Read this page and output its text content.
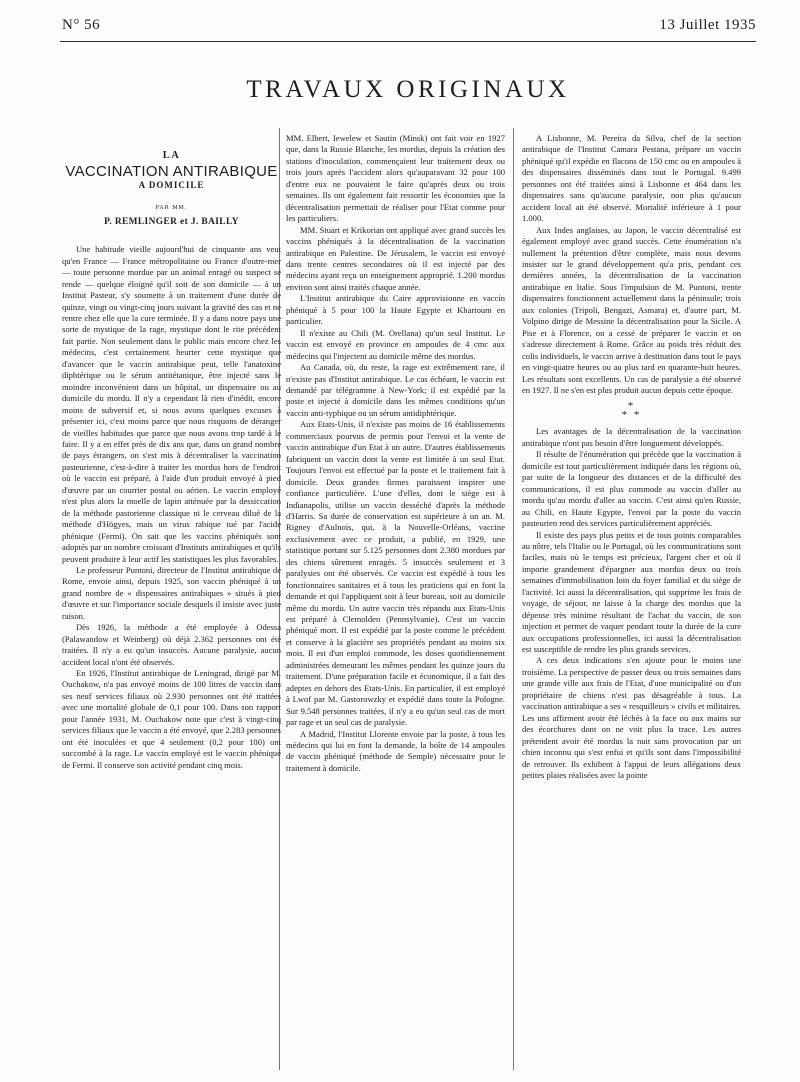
N° 56	13 Juillet 1935
TRAVAUX ORIGINAUX
LA
VACCINATION ANTIRABIQUE
A DOMICILE
PAR MM.
P. REMLINGER et J. BAILLY

Une habitude vieille aujourd'hui de cinquante ans veut qu'en France — France métropolitaine ou France d'outre-mer — toute personne mordue par un animal enragé ou suspect se rende — quelque éloigné qu'il soit de son domicile — à un Institut Pasteur, s'y soumette à un traitement d'une durée de quinze, vingt ou vingt-cinq jours suivant la gravité des cas et ne rentre chez elle que la cure terminée. Il y a dans notre pays une sorte de mystique de la rage, mystique dont le rite précédent fait partie. Non seulement dans le public mais encore chez les médecins, c'est certainement heurter cette mystique que d'avancer que le vaccin antirabique peut, telle l'anatoxine diphtérique ou le sérum antitétanique, être injecté sans le moindre inconvénient dans un hôpital, un dispensaire ou au domicile du mordu. Il n'y a cependant là rien d'inédit, encore moins de subversif et, si nous avons quelques excuses à présenter ici, c'est moins parce que nous risquons de déranger de vieilles habitudes que parce que nous avons trop tardé à le faire. Il y a en effet près de dix ans que, dans un grand nombre de pays étrangers, on s'est mis à décentraliser la vaccination pasteurienne, c'est-à-dire à traiter les mordus hors de l'endroit où le vaccin est préparé, à l'aide d'un produit envoyé à pied d'œuvre par un courrier postal ou aérien. Le vaccin employé n'est plus alors la moelle de lapin atténuée par la dessiccation de la méthode pastorienne classique ni le cerveau dilué de la méthode d'Högyes, mais un virus rabique tué par l'acide phénique (Fermi). On sait que les vaccins phéniqués sont adoptés par un nombre croissant d'Instituts antirabiques et qu'ils peuvent produire à leur actif les statistiques les plus favorables.

Le professeur Puntoni, directeur de l'Institut antirabique de Rome, envoie ainsi, depuis 1925, son vaccin phéniqué à un grand nombre de « dispensaires antirabiques » situés à pied d'œuvre et sur l'importance sociale desquels il insiste avec juste raison.

Dès 1926, la méthode a été employée à Odessa (Palawandow et Weinberg) où déjà 2.362 personnes ont été traitées. Il n'y a eu qu'un insuccès. Aucune paralysie, aucun accident local n'ont été observés.

En 1926, l'Institut antirabique de Leningrad, dirigé par M. Ouchakow, n'a pas envoyé moins de 100 litres de vaccin dans ses neuf services filiaux où 2.930 personnes ont été traitées avec une mortalité globale de 0,1 pour 100. Dans son rapport pour l'année 1931, M. Ouchakow note que c'est à vingt-cinq services filiaux que le vaccin a été envoyé, que 2.283 personnes ont été inoculées et que 4 seulement (0,2 pour 100) ont succombé à la rage. Le vaccin employé est le vaccin phéniqué de Fermi. Il conserve son activité pendant cinq mois.

MM. Elbert, Iewelew et Sautin (Minsk) ont fait voir en 1927 que, dans la Russie Blanche, les mordus, depuis la création des stations d'inoculation, commençaient leur traitement deux ou trois jours après l'accident alors qu'auparavant 32 pour 100 d'entre eux ne pouvaient le faire qu'après deux ou trois semaines. Ils ont également fait ressortir les économies que la décentralisation permettait de réaliser pour l'Etat comme pour les particuliers.

MM. Stuart et Krikorian ont appliqué avec grand succès les vaccins phéniqués à la décentralisation de la vaccination antirabique en Palestine. De Jérusalem, le vaccin est envoyé dans trente centres secondaires où il est injecté par des médecins ayant reçu un enseignement approprié. 1.200 mordus environ sont ainsi traités chaque année.

L'Institut antirabique du Caire approvisionne en vaccin phéniqué à 5 pour 100 la Haute Egypte et Khartoum en particulier.

Il n'existe au Chili (M. Orellana) qu'un seul Institut. Le vaccin est envoyé en province en ampoules de 4 cmc aux médecins qui l'injectent au domicile même des mordus.

Au Canada, où, du reste, la rage est extrêmement rare, il n'existe pas d'Institut antirabique. Le cas échéant, le vaccin est demandé par télégramme à New-York; il est expédié par la poste et injecté à domicile dans les mêmes conditions qu'un vaccin anti-typhique ou un sérum antidiphtérique.

Aux Etats-Unis, il n'existe pas moins de 16 établissements commerciaux pourvus de permis pour l'envoi et la vente de vaccin antirabique d'un Etat à un autre. D'autres établissements fabriquent un vaccin dont la vente est limitée à un seul Etat. Toujours l'envoi est effectué par la poste et le traitement fait à domicile. Deux grandes firmes paraissent inspirer une confiance particulière. L'une d'elles, dont le siège est à Indianapolis, utilise un vaccin desséché d'après la méthode d'Harris. Sa durée de conservation est supérieure à un an. M. Rigney d'Aulnois, qui, à la Nouvelle-Orléans, vaccine exclusivement avec ce produit, a publié, en 1929, une statistique portant sur 5.125 personnes dont 2.380 mordues par des chiens sûrement enragés. 5 insuccès seulement et 3 paralysies ont été observés. Ce vaccin est expédié à tous les fonctionnaires sanitaires et à tous les praticiens qui en font la demande et qui l'appliquent soit à leur bureau, soit au domicile même du mordu. Un autre vaccin très répandu aux Etats-Unis est préparé à Clemolden (Pennsylvanie). C'est un vaccin phéniqué mort. Il est expédié par la poste comme le précédent et conserve à la glacière ses propriétés pendant au moins six mois. Il est d'un emploi commode, les doses quotidiennement administrées demeurant les mêmes pendant les quinze jours du traitement. D'une préparation facile et économique, il a fait des adeptes en dehors des Etats-Unis. En particulier, il est employé à Lwof par M. Gastorowzky et expédié dans toute la Pologne. Sur 9.548 personnes traitées, il n'y a eu qu'un seul cas de mort par rage et un seul cas de paralysie.

A Madrid, l'Institut Llorente envoie par la poste, à tous les médecins qui lui en font la demande, la boîte de 14 ampoules de vaccin phéniqué (méthode de Semple) nécessaire pour le traitement à domicile.

A Lisbonne, M. Pereira da Silva, chef de la section antirabique de l'Institut Camara Pestana, prépare un vaccin phéniqué qu'il expédie en flacons de 150 cmc ou en ampoules à des dispensaires disséminés dans tout le Portugal. 9.499 personnes ont été traitées ainsi à Lisbonne et 464 dans les dispensaires sans qu'aucune paralysie, non plus qu'aucun accident local ait été observé. Mortalité inférieure à 1 pour 1.000.

Aux Indes anglaises, au Japon, le vaccin décentralisé est également employé avec grand succès. Cette énumération n'a nullement la prétention d'être complète, mais nous devons insister sur le grand développement qu'a pris, pendant ces dernières années, la décentralisation de la vaccination antirabique en Italie. Sous l'impulsion de M. Puntoni, trente dispensaires fonctionnent actuellement dans la péninsule; trois aux colonies (Tripoli, Bengazi, Asmara) et, d'autre part, M. Volpino dirige de Messine la décentralisation pour la Sicile. A Pise et à Florence, on a cessé de préparer le vaccin et on s'adresse directement à Rome. Grâce au poids très réduit des colis individuels, le vaccin arrive à destination dans tout le pays en vingt-quatre heures ou au plus tard en quarante-huit heures. Les résultats sont excellents. Un cas de paralysie a été observé en 1927. Il ne s'en est plus produit aucun depuis cette époque.

*
* *

Les avantages de la décentralisation de la vaccination antirabique n'ont pas besoin d'être longuement développés.

Il résulte de l'énumération qui précède que la vaccination à domicile est tout particulièrement indiquée dans les régions où, par suite de la longueur des distances et de la difficulté des communications, il est plus commode au vaccin d'aller au mordu qu'au mordu d'aller au vaccin. C'est ainsi qu'en Russie, au Chili, en Haute Egypte, l'envoi par la poste du vaccin pasteurien rend des services particulièrement appréciés.

Il existe des pays plus petits et de tous points comparables au nôtre, tels l'Italie ou le Portugal, où les communications sont faciles, mais où le temps est précieux, l'argent cher et où il importe grandement d'épargner aux mordus deux ou trois semaines d'immobilisation loin du foyer familial et du siège de l'activité. Ici aussi la décentralisation, qui supprime les frais de voyage, de séjour, ne laisse à la charge des mordus que la dépense très minime résultant de l'achat du vaccin, de son injection et permet de vaquer pendant toute la durée de la cure aux occupations professionnelles, ici aussi la décentralisation est susceptible de rendre les plus grands services.

A ces deux indications s'en ajoute pour le moins une troisième. La perspective de passer deux ou trois semaines dans une grande ville aux frais de l'Etat, d'une municipalité ou d'un propriétaire de chiens n'est pas désagréable à tous. La vaccination antirabique a ses « resquilleurs » civils et militaires. Les uns affirment avoir été léchés à la face ou aux mains sur des écorchures dont on ne voit plus la trace. Les autres prétendent avoir été mordus la nuit sans provocation par un chien inconnu qui s'est enfui et qu'ils sont dans l'impossibilité de retrouver. Ils exhibent à l'appui de leurs allégations deux petites plaies réalisées avec la pointe
